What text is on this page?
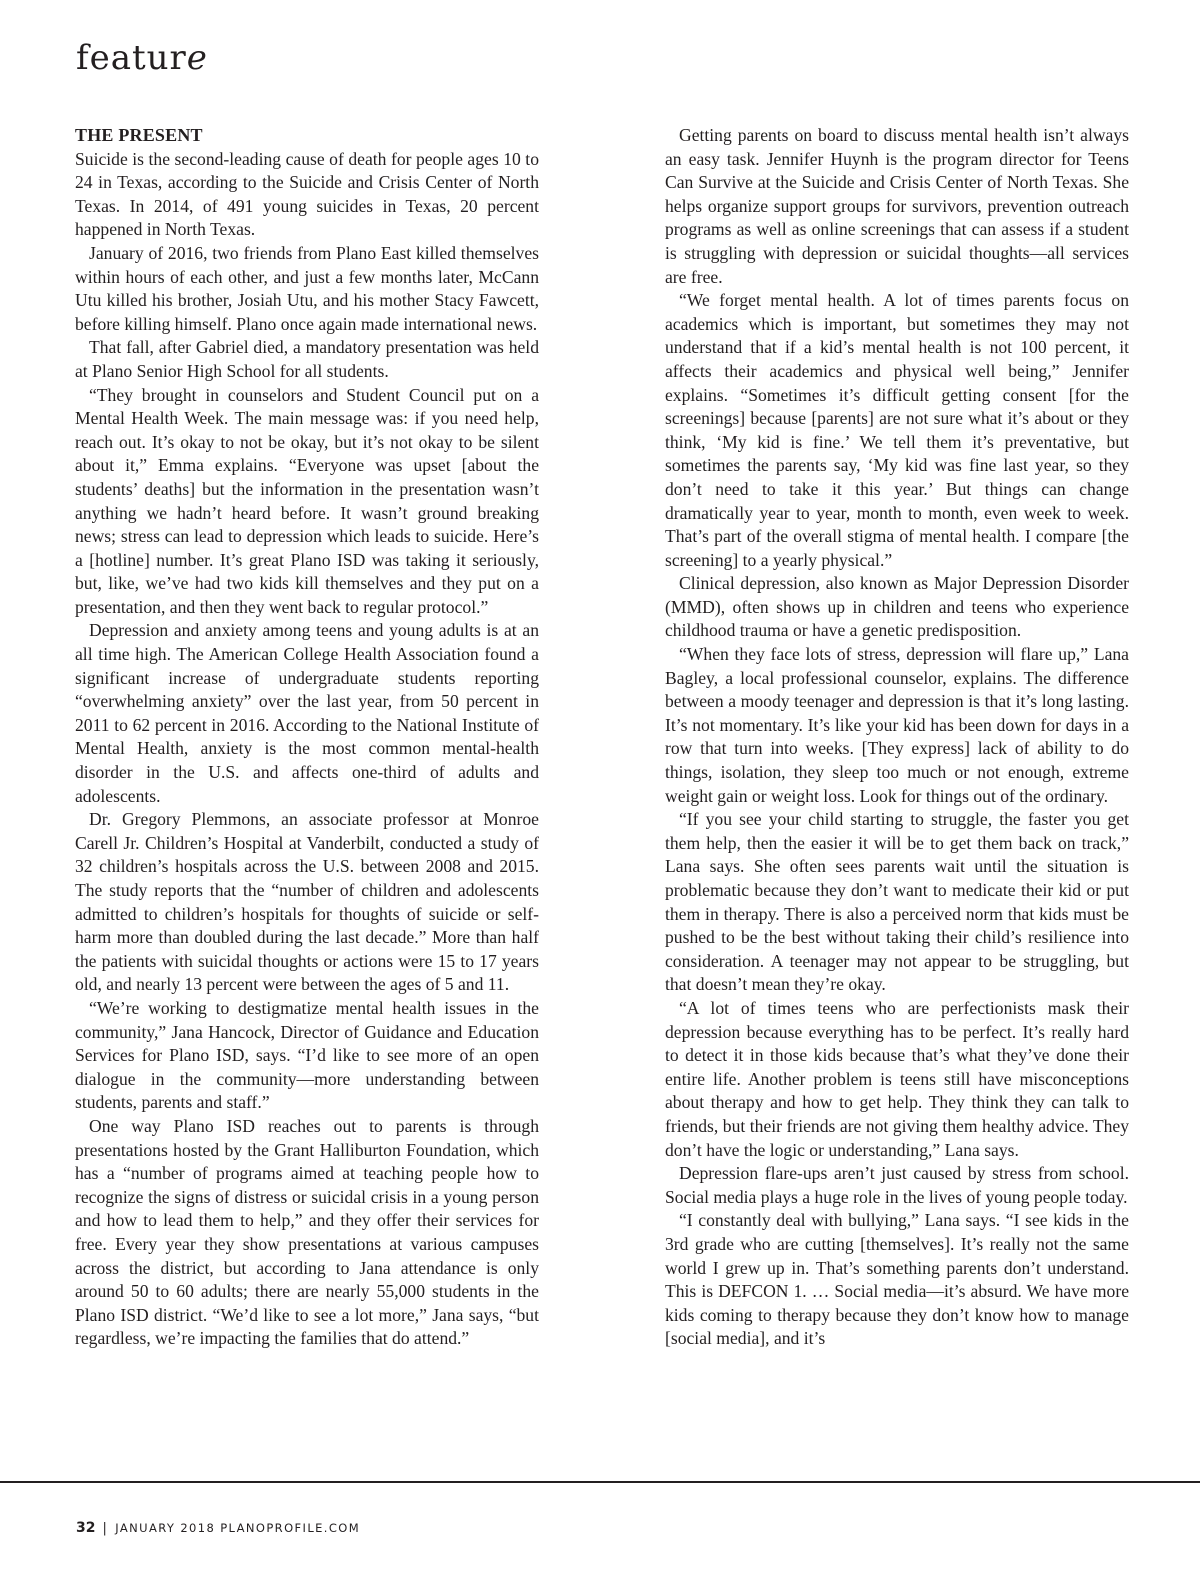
feature
THE PRESENT

Suicide is the second-leading cause of death for people ages 10 to 24 in Texas, according to the Suicide and Crisis Center of North Texas. In 2014, of 491 young suicides in Texas, 20 percent happened in North Texas.

January of 2016, two friends from Plano East killed themselves within hours of each other, and just a few months later, McCann Utu killed his brother, Josiah Utu, and his mother Stacy Fawcett, before killing himself. Plano once again made international news.

That fall, after Gabriel died, a mandatory presentation was held at Plano Senior High School for all students.

“They brought in counselors and Student Council put on a Mental Health Week. The main message was: if you need help, reach out. It’s okay to not be okay, but it’s not okay to be silent about it,” Emma explains. “Everyone was upset [about the students’ deaths] but the information in the presentation wasn’t anything we hadn’t heard before. It wasn’t ground breaking news; stress can lead to depression which leads to suicide. Here’s a [hotline] number. It’s great Plano ISD was taking it seriously, but, like, we’ve had two kids kill themselves and they put on a presentation, and then they went back to regular protocol.”

Depression and anxiety among teens and young adults is at an all time high. The American College Health Association found a significant increase of undergraduate students reporting “overwhelming anxiety” over the last year, from 50 percent in 2011 to 62 percent in 2016. According to the National Institute of Mental Health, anxiety is the most common mental-health disorder in the U.S. and affects one-third of adults and adolescents.

Dr. Gregory Plemmons, an associate professor at Monroe Carell Jr. Children’s Hospital at Vanderbilt, conducted a study of 32 children’s hospitals across the U.S. between 2008 and 2015. The study reports that the “number of children and adolescents admitted to children’s hospitals for thoughts of suicide or self-harm more than doubled during the last decade.” More than half the patients with suicidal thoughts or actions were 15 to 17 years old, and nearly 13 percent were between the ages of 5 and 11.

“We’re working to destigmatize mental health issues in the community,” Jana Hancock, Director of Guidance and Education Services for Plano ISD, says. “I’d like to see more of an open dialogue in the community—more understanding between students, parents and staff.”

One way Plano ISD reaches out to parents is through presentations hosted by the Grant Halliburton Foundation, which has a “number of programs aimed at teaching people how to recognize the signs of distress or suicidal crisis in a young person and how to lead them to help,” and they offer their services for free. Every year they show presentations at various campuses across the district, but according to Jana attendance is only around 50 to 60 adults; there are nearly 55,000 students in the Plano ISD district. “We’d like to see a lot more,” Jana says, “but regardless, we’re impacting the families that do attend.”

Getting parents on board to discuss mental health isn’t always an easy task. Jennifer Huynh is the program director for Teens Can Survive at the Suicide and Crisis Center of North Texas. She helps organize support groups for survivors, prevention outreach programs as well as online screenings that can assess if a student is struggling with depression or suicidal thoughts—all services are free.

“We forget mental health. A lot of times parents focus on academics which is important, but sometimes they may not understand that if a kid’s mental health is not 100 percent, it affects their academics and physical well being,” Jennifer explains. “Sometimes it’s difficult getting consent [for the screenings] because [parents] are not sure what it’s about or they think, ‘My kid is fine.’ We tell them it’s preventative, but sometimes the parents say, ‘My kid was fine last year, so they don’t need to take it this year.’ But things can change dramatically year to year, month to month, even week to week. That’s part of the overall stigma of mental health. I compare [the screening] to a yearly physical.”

Clinical depression, also known as Major Depression Disorder (MMD), often shows up in children and teens who experience childhood trauma or have a genetic predisposition.

“When they face lots of stress, depression will flare up,” Lana Bagley, a local professional counselor, explains. The difference between a moody teenager and depression is that it’s long lasting. It’s not momentary. It’s like your kid has been down for days in a row that turn into weeks. [They express] lack of ability to do things, isolation, they sleep too much or not enough, extreme weight gain or weight loss. Look for things out of the ordinary.

“If you see your child starting to struggle, the faster you get them help, then the easier it will be to get them back on track,” Lana says. She often sees parents wait until the situation is problematic because they don’t want to medicate their kid or put them in therapy. There is also a perceived norm that kids must be pushed to be the best without taking their child’s resilience into consideration. A teenager may not appear to be struggling, but that doesn’t mean they’re okay.

“A lot of times teens who are perfectionists mask their depression because everything has to be perfect. It’s really hard to detect it in those kids because that’s what they’ve done their entire life. Another problem is teens still have misconceptions about therapy and how to get help. They think they can talk to friends, but their friends are not giving them healthy advice. They don’t have the logic or understanding,” Lana says.

Depression flare-ups aren’t just caused by stress from school. Social media plays a huge role in the lives of young people today.

“I constantly deal with bullying,” Lana says. “I see kids in the 3rd grade who are cutting [themselves]. It’s really not the same world I grew up in. That’s something parents don’t understand. This is DEFCON 1. … Social media—it’s absurd. We have more kids coming to therapy because they don’t know how to manage [social media], and it’s

32 | JANUARY 2018 PLANOPROFILE.COM
